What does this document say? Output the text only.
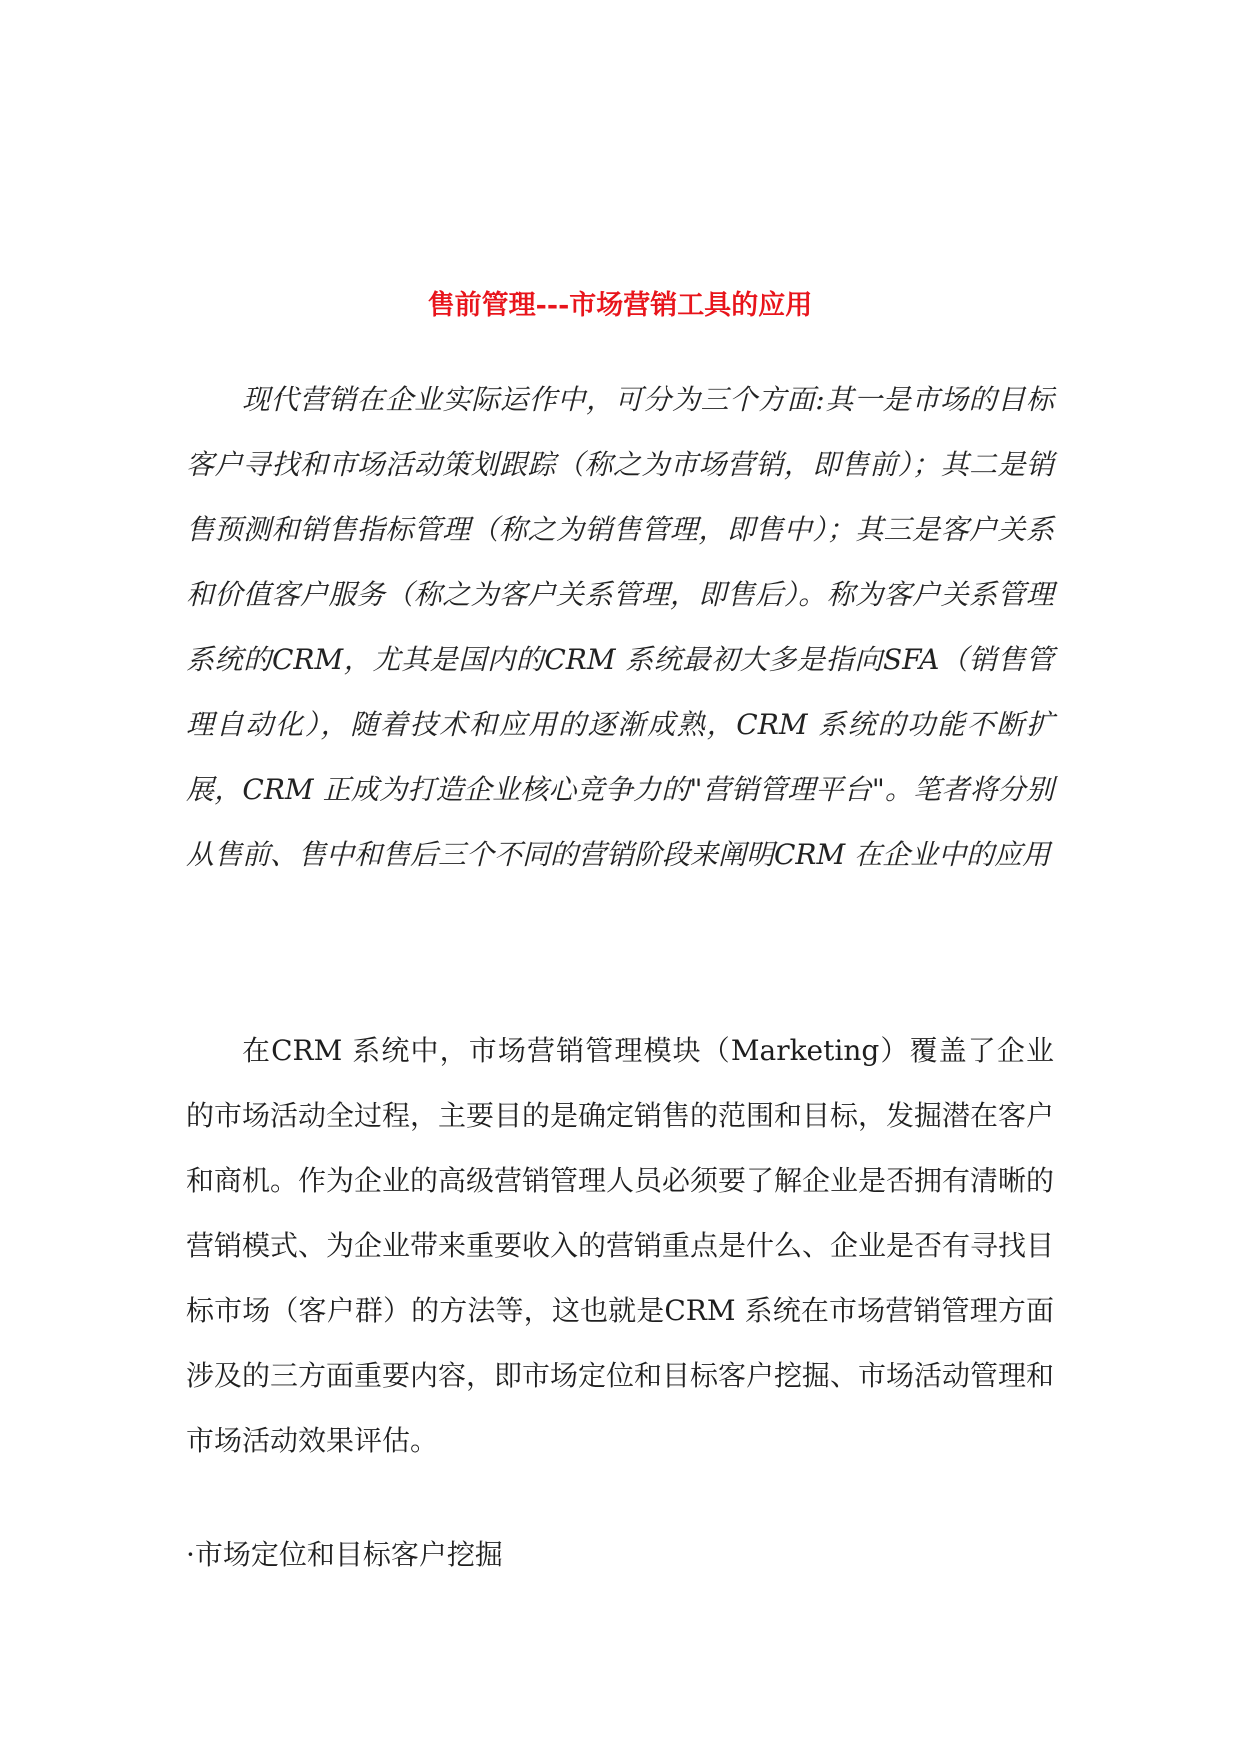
售前管理---市场营销工具的应用

现代营销在企业实际运作中，可分为三个方面:其一是市场的目标客户寻找和市场活动策划跟踪（称之为市场营销，即售前）；其二是销售预测和销售指标管理（称之为销售管理，即售中）；其三是客户关系和价值客户服务（称之为客户关系管理，即售后）。称为客户关系管理系统的CRM，尤其是国内的CRM 系统最初大多是指向SFA（销售管理自动化），随着技术和应用的逐渐成熟，CRM 系统的功能不断扩展，CRM 正成为打造企业核心竞争力的"营销管理平台"。笔者将分别从售前、售中和售后三个不同的营销阶段来阐明CRM 在企业中的应用

在CRM 系统中，市场营销管理模块（Marketing）覆盖了企业的市场活动全过程，主要目的是确定销售的范围和目标，发掘潜在客户和商机。作为企业的高级营销管理人员必须要了解企业是否拥有清晰的营销模式、为企业带来重要收入的营销重点是什么、企业是否有寻找目标市场（客户群）的方法等，这也就是CRM 系统在市场营销管理方面涉及的三方面重要内容，即市场定位和目标客户挖掘、市场活动管理和市场活动效果评估。

·市场定位和目标客户挖掘
